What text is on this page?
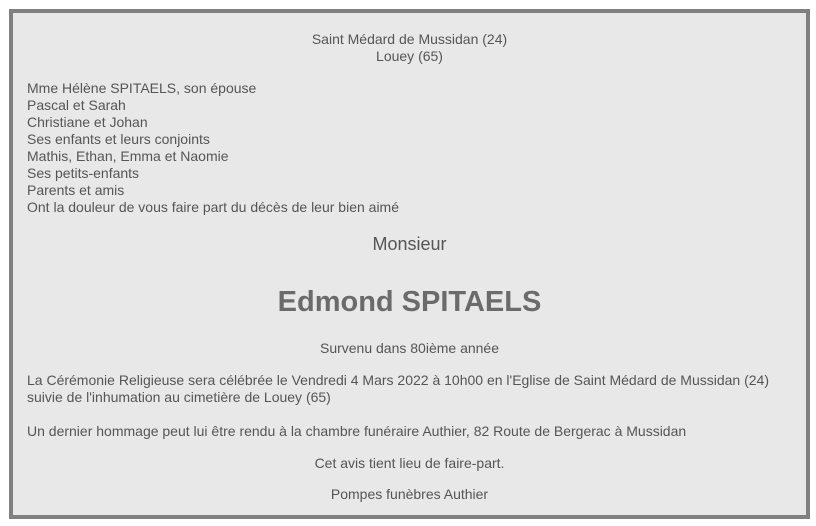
Saint Médard de Mussidan (24)
Louey (65)
Mme Hélène SPITAELS, son épouse
Pascal et Sarah
Christiane et Johan
Ses enfants et leurs conjoints
Mathis, Ethan, Emma et Naomie
Ses petits-enfants
Parents et amis
Ont la douleur de vous faire part du décès de leur bien aimé
Monsieur
Edmond SPITAELS
Survenu dans 80ième année
La Cérémonie Religieuse sera célébrée le Vendredi 4 Mars 2022 à 10h00 en l'Eglise de Saint Médard de Mussidan (24) suivie de l'inhumation au cimetière de Louey (65)
Un dernier hommage peut lui être rendu à la chambre funéraire Authier, 82 Route de Bergerac à Mussidan
Cet avis tient lieu de faire-part.
Pompes funèbres Authier
